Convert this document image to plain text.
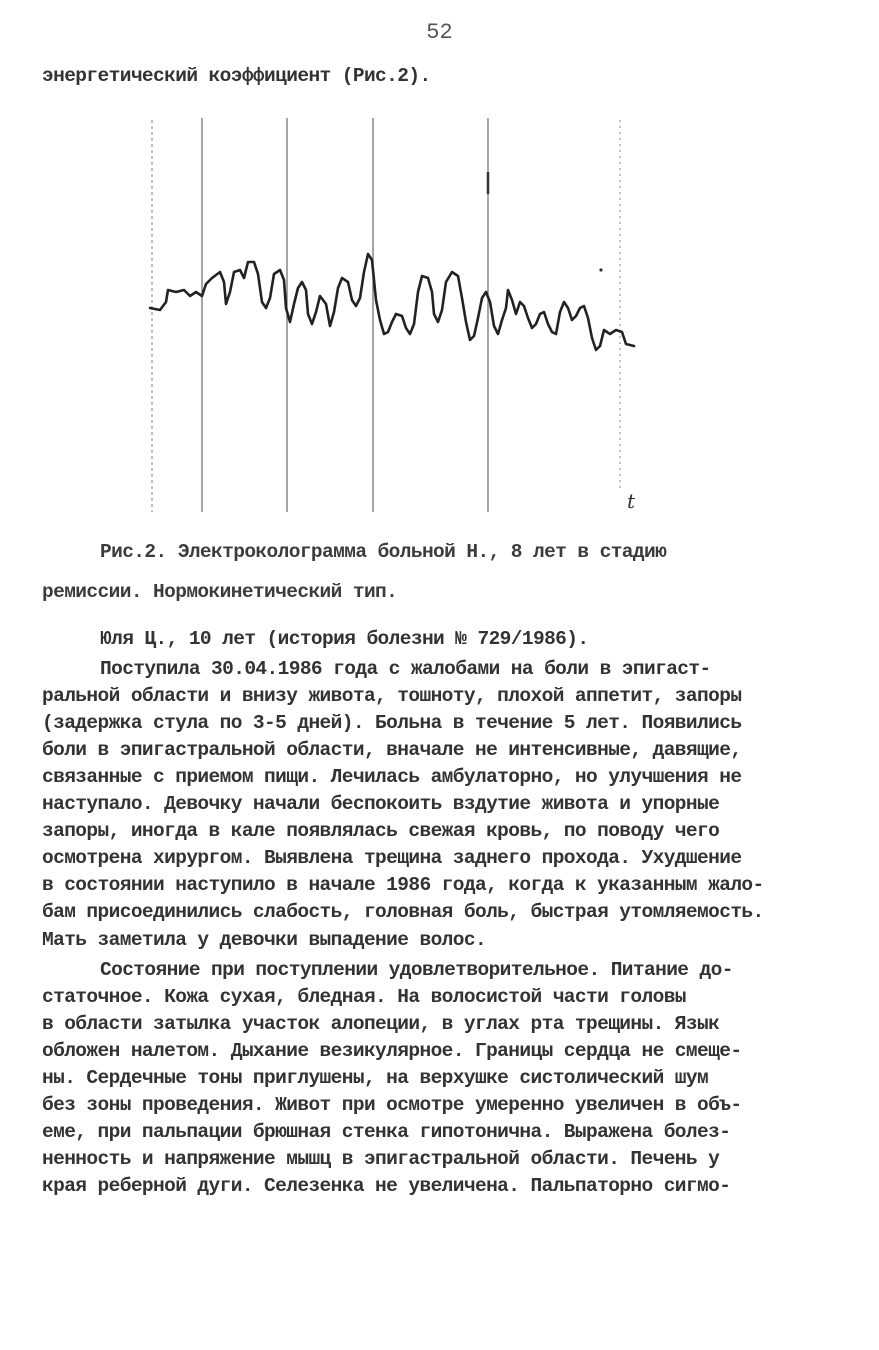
52
энергетический коэффициент (Рис.2).
t
Рис.2. Электроколограмма больной Н., 8 лет в стадию
ремиссии. Нормокинетический тип.
Юля Ц., 10 лет (история болезни № 729/1986).
Поступила 30.04.1986 года с жалобами на боли в эпигаст-
ральной области и внизу живота, тошноту, плохой аппетит, запоры
(задержка стула по 3-5 дней). Больна в течение 5 лет. Появились
боли в эпигастральной области, вначале не интенсивные, давящие,
связанные с приемом пищи. Лечилась амбулаторно, но улучшения не
наступало. Девочку начали беспокоить вздутие живота и упорные
запоры, иногда в кале появлялась свежая кровь, по поводу чего
осмотрена хирургом. Выявлена трещина заднего прохода. Ухудшение
в состоянии наступило в начале 1986 года, когда к указанным жало-
бам присоединились слабость, головная боль, быстрая утомляемость.
Мать заметила у девочки выпадение волос.
Состояние при поступлении удовлетворительное. Питание до-
статочное. Кожа сухая, бледная. На волосистой части головы
в области затылка участок алопеции, в углах рта трещины. Язык
обложен налетом. Дыхание везикулярное. Границы сердца не смеще-
ны. Сердечные тоны приглушены, на верхушке систолический шум
без зоны проведения. Живот при осмотре умеренно увеличен в объ-
еме, при пальпации брюшная стенка гипотонична. Выражена болез-
ненность и напряжение мышц в эпигастральной области. Печень у
края реберной дуги. Селезенка не увеличена. Пальпаторно сигмо-
